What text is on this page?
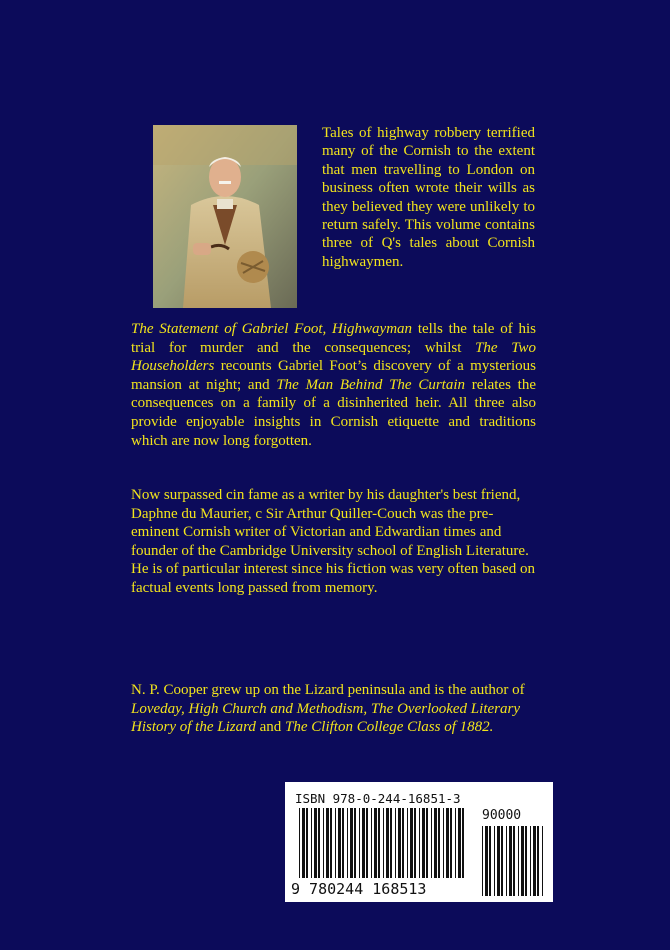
Tales of highway robbery terrified many of the Cornish to the extent that men travelling to London on business often wrote their wills as they believed they were unlikely to return safely. This volume contains three of Q's tales about Cornish highwaymen.
The Statement of Gabriel Foot, Highwayman tells the tale of his trial for murder and the consequences; whilst The Two Householders recounts Gabriel Foot’s discovery of a mysterious mansion at night; and The Man Behind The Curtain relates the consequences on a family of a disinherited heir. All three also provide enjoyable insights in Cornish etiquette and traditions which are now long forgotten.
Now surpassed cin fame as a writer by his daughter's best friend, Daphne du Maurier, c Sir Arthur Quiller-Couch was the pre-eminent Cornish writer of Victorian and Edwardian times and founder of the Cambridge University school of English Literature. He is of particular interest since his fiction was very often based on factual events long passed from memory.
N. P. Cooper grew up on the Lizard peninsula and is the author of Loveday, High Church and Methodism, The Overlooked Literary History of the Lizard and The Clifton College Class of 1882.
ISBN 978-0-244-16851-3
90000
9 780244 168513
